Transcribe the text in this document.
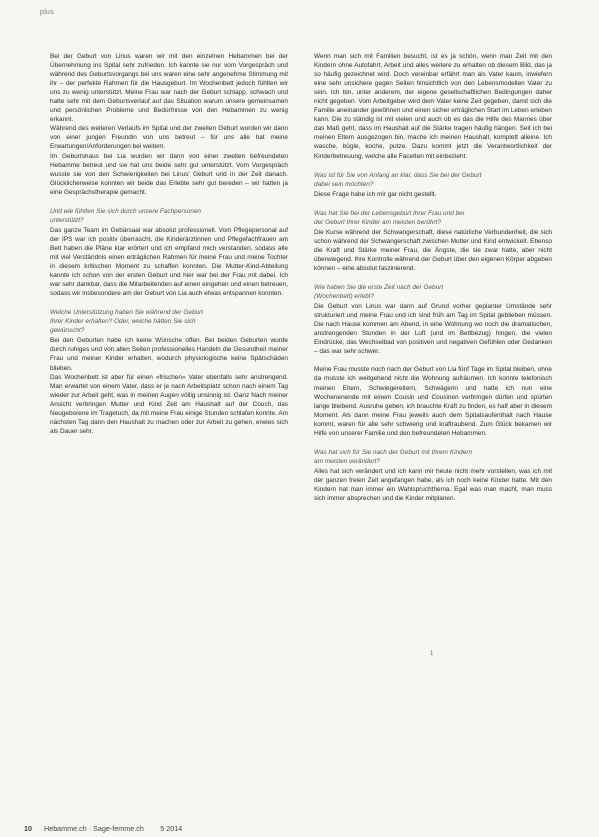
plus

Bei der Geburt von Linus waren wir mit den einzelnen Hebammen bei der Übernehmung ins Spital sehr zufrieden. Ich kannte sie nur vom Vorgespräch und während des Geburtsvorgangs bei uns waren eine sehr angenehme Stimmung mit ihr – der perfekte Rahmen für die Hausgeburt. Im Wochenbett jedoch fühlten wir uns zu wenig unterstützt. Meine Frau war nach der Geburt schlapp, schwach und hatte sehr mit dem Geburtsverlauf auf das Situation warum unsere gemeinsamen und persönlichen Probleme und Bedürfnisse von den Hebammen zu wenig erkannt.

Während des weiteren Verlaufs im Spital und der zweiten Geburt wurden wir dann von einer jungen Freundin von uns betreut – für uns alle hat meine Erwartungen/Anforderungen bei weitem.

Im Geburtshaus bei Lia wurden wir dann von einer zweiten befreundeten Hebamme betreut und sie hat uns beide sehr gut unterstützt. Vom Vorgespräch wusste sie von den Schwierigkeiten bei Linus' Geburt und in der Zeit danach. Glücklicherweise konnten wir beide das Erlebte sehr gut bereden – wir hatten ja eine Gesprächstherapie gemacht.

Und wie fühlten Sie sich durch unsere Fachpersonen
unterstützt?

Das ganze Team im Gebärsaal war absolut professionell. Vom Pflegepersonal auf der IPS war ich positiv überrascht, die Kinderärztinnen und Pflegefachfrauen am Bett haben die Pläne klar erörtert und ich empfand mich verstanden, sodass alle mit viel Verständnis einen erträglichen Rahmen für meine Frau und meine Tochter in diesem kritischen Moment zu schaffen konnten. Die Mutter-Kind-Abteilung kannte ich schon von der ersten Geburt und hier war bei der Frau mit dabei. Ich war sehr dankbar, dass die Mitarbeitenden auf einen eingehen und einen betreuen, sodass wir insbesondere am der Geburt von Lia auch etwas entspannen konnten.

Welche Unterstützung haben Sie während der Geburt
Ihrer Kinder erhalten? Oder, welche hätten Sie sich
gewünscht?

Bei den Geburten habe ich keine Wünsche offen. Bei beiden Geburten wurde durch ruhiges und von allen Seiten professionelles Handeln die Gesundheit meiner Frau und meiner Kinder erhalten, wodurch physiologische keine Spätschäden blieben.

Das Wochenbett ist aber für einen «frischen» Vater ebenfalls sehr anstrengend. Man erwartet von einem Vater, dass er je nach Arbeitsplatz schon nach einem Tag wieder zur Arbeit geht, was in meinen Augen völlig unsinnig ist. Ganz Nach meiner Ansicht verbringen Mutter und Kind Zeit am Haushalt auf der Couch, das Neugeborene im Tragetuch, da mit meine Frau einige Stunden schlafen konnte. Am nächsten Tag dann den Haushalt zu machen oder zur Arbeit zu gehen, erwies sich als Dauer sehr.

Wenn man sich mit Familien besucht, ist es ja schön, wenn man Zeit mit den Kindern ohne Autofahrt, Arbeit und alles weitere zu erhalten ob diesem Bild, das ja so häufig gezeichnet wird. Doch vereinbar erfährt man als Vater kaum, inwiefern eine sehr unsichere gegen Seiten hinsichtlich von den Lebensmodellen Vater zu sein. Ich bin, unter anderem, der eigene gesellschaftlichen Bedingungen daher nicht gegeben. Vom Arbeitgeber wird dem Vater keine Zeit gegeben, damit sich die Familie aneinander gewöhnen und einen sicher erträglichen Start im Leben erleben kann. Die zu ständig ist mit vielen und auch ob es das die Hilfe des Mannes über das Maß geht, dass im Haushalt auf die Stärke tragen häufig hängen. Seit ich bei meinen Eltern ausgezogen bin, mache ich meinen Haushalt, komplett alleine. Ich wasche, bügle, koche, putze. Dazu kommt jetzt die Verantwortlichkeit der Kinderbetreuung, welche alle Facetten mit einbezieht.

Was ist für Sie von Anfang an klar, dass Sie bei der Geburt
dabei sein möchten?

Diese Frage habe ich mir gar nicht gestellt.

Was hat Sie bei der Lebensgeburt Ihrer Frau und bei
der Geburt Ihrer Kinder am meisten berührt?

Die Kurse während der Schwangerschaft, diese natürliche Verbundenheit, die sich schon während der Schwangerschaft zwischen Mutter und Kind entwickelt. Ebenso die Kraft und Stärke meiner Frau, die Ängste, die sie zwar hatte, aber nicht überwiegend. Ihre Kontrolle während der Geburt über den eigenen Körper abgeben können – eine absolut faszinierend.

Wie haben Sie die erste Zeit nach der Geburt
(Wochenbett) erlebt?

Die Geburt von Linus war dann auf Grund vorher geplanter Umstände sehr strukturiert und meine Frau und ich sind früh am Tag im Spital geblieben müssen. Die nach Hause kommen am Abend, in eine Wohnung wo noch die dramatischen, anstrengenden Stunden in der Luft (und im Bettbezug) hingen, die vielen Eindrücke, das Wechselbad von positiven und negativen Gefühlen oder Gedanken – das war sehr schwer.

Meine Frau musste noch nach der Geburt von Lia fünf Tage im Spital bleiben, ohne da musste ich weitgehend nicht die Wohnung aufräumen. Ich konnte telefonisch meinen Eltern, Schwiegereltern, Schwägerin und hatte ich nun eine Wochenenende mit einem Cousin und Cousinen verbringen dürfen und spürten lange bleibend. Ausruhe geben, ich brauchte Kraft zu finden, es half aber in diesem Moment. Als dann meine Frau jeweils auch dem Spitalsaufenthalt nach Hause kommt, waren für alle sehr schwierig und kraftraubend. Zum Glück bekamen wir Hilfe von unserer Familie und den befreundeten Hebammen.

Was hat sich für Sie nach der Geburt mit Ihrem Kindern
am meisten verändert?

Alles hat sich verändert und ich kann mir heute nicht mehr vorstellen, was ich mit der ganzen freien Zeit angefangen habe, als ich noch keine Kinder hatte. Mit den Kindern hat man immer ein Wahlspruchthema. Egal was man macht, man muss sich immer absprechen und die Kinder mitplanen.

1
10 Hebamme.ch · Sage-femme.ch · 5 2014
